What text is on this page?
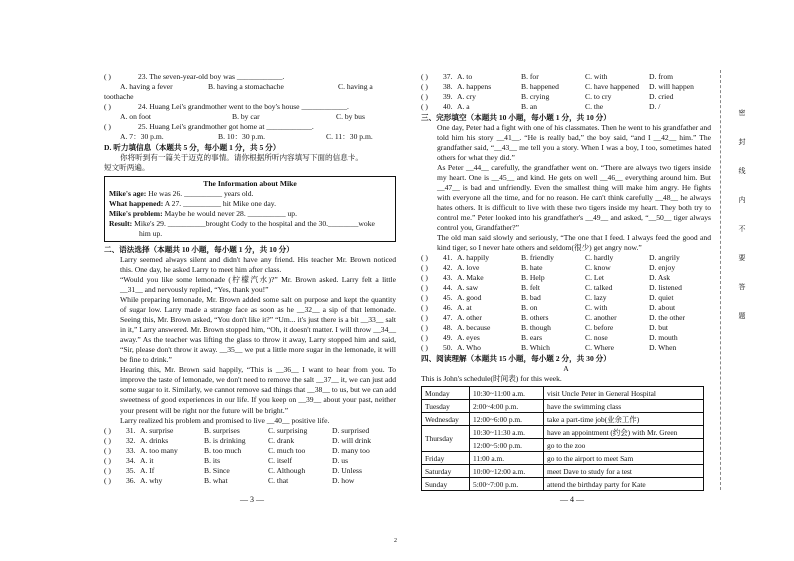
( )	23. The seven-year-old boy was ____________.
A. having a fever	B. having a stomachache	C. having a
toothache
( )	24. Huang Lei's grandmother went to the boy's house ____________.
A. on foot	B. by car	C. by bus
( )	25. Huang Lei's grandmother got home at ____________.
A. 7：30 p.m.	B. 10：30 p.m.	C. 11：30 p.m.
D. 听力填信息（本题共 5 分，每小题 1 分，共 5 分）
你将听到有一篇关于迈克的事情。请你根据所听内容填写下面的信息卡。
短文听两遍。
The Information about Mike
Mike's age: He was 26. __________ years old.
What happened: A 27. __________ hit Mike one day.
Mike's problem: Maybe he would never 28. __________ up.
Result: Mike's 29. __________brought Cody to the hospital and the 30.________woke
him up.
二、语法选择（本题共 10 小题，每小题 1 分，共 10 分）
Larry seemed always silent and didn't have any friend. His teacher Mr. Brown noticed this. One day, he asked Larry to meet him after class.
“Would you like some lemonade (柠檬汽水)?” Mr. Brown asked. Larry felt a little __31__ and nervously replied, “Yes, thank you!”
While preparing lemonade, Mr. Brown added some salt on purpose and kept the quantity of sugar low. Larry made a strange face as soon as he __32__ a sip of that lemonade. Seeing this, Mr. Brown asked, “You don't like it?” “Um... it's just there is a bit __33__ salt in it,” Larry answered. Mr. Brown stopped him, “Oh, it doesn't matter. I will throw __34__ away.” As the teacher was lifting the glass to throw it away, Larry stopped him and said, “Sir, please don't throw it away. __35__ we put a little more sugar in the lemonade, it will be fine to drink.”
Hearing this, Mr. Brown said happily, “This is __36__ I want to hear from you. To improve the taste of lemonade, we don't need to remove the salt __37__ it, we can just add some sugar to it. Similarly, we cannot remove sad things that __38__ to us, but we can add sweetness of good experiences in our life. If you keep on __39__ about your past, neither your present will be right nor the future will be bright.”
Larry realized his problem and promised to live __40__ positive life.
( )	31. A. surprise	B. surprises	C. surprising	D. surprised
( )	32. A. drinks	B. is drinking	C. drank	D. will drink
( )	33. A. too many	B. too much	C. much too	D. many too
( )	34. A. it	B. its	C. itself	D. us
( )	35. A. If	B. Since	C. Although	D. Unless
( )	36. A. why	B. what	C. that	D. how
— 3 —
( )	37. A. to	B. for	C. with	D. from
( )	38. A. happens	B. happened	C. have happened	D. will happen
( )	39. A. cry	B. crying	C. to cry	D. cried
( )	40. A. a	B. an	C. the	D. /
三、完形填空（本题共 10 小题，每小题 1 分，共 10 分）
One day, Peter had a fight with one of his classmates. Then he went to his grandfather and told him his story __41__. “He is really bad,” the boy said, “and I __42__ him.” The grandfather said, “__43__ me tell you a story. When I was a boy, I too, sometimes hated others for what they did.”
As Peter __44__ carefully, the grandfather went on. “There are always two tigers inside my heart. One is __45__ and kind. He gets on well __46__ everything around him. But __47__ is bad and unfriendly. Even the smallest thing will make him angry. He fights with everyone all the time, and for no reason. He can't think carefully __48__ he always hates others. It is difficult to live with these two tigers inside my heart. They both try to control me.” Peter looked into his grandfather's __49__ and asked, “__50__ tiger always control you, Grandfather?”
The old man said slowly and seriously, “The one that I feed. I always feed the good and kind tiger, so I never hate others and seldom(很少) get angry now.”
( )	41. A. happily	B. friendly	C. hardly	D. angrily
( )	42. A. love	B. hate	C. know	D. enjoy
( )	43. A. Make	B. Help	C. Let	D. Ask
( )	44. A. saw	B. felt	C. talked	D. listened
( )	45. A. good	B. bad	C. lazy	D. quiet
( )	46. A. at	B. on	C. with	D. about
( )	47. A. other	B. others	C. another	D. the other
( )	48. A. because	B. though	C. before	D. but
( )	49. A. eyes	B. ears	C. nose	D. mouth
( )	50. A. Who	B. Which	C. Where	D. When
四、阅读理解（本题共 15 小题，每小题 2 分，共 30 分）
A
This is John's schedule(时间表) for this week.
Monday	10:30~11:00 a.m.	visit Uncle Peter in General Hospital
Tuesday	2:00~4:00 p.m.	have the swimming class
Wednesday	12:00~6:00 p.m.	take a part-time job(业余工作)
Thursday	10:30~11:30 a.m.	have an appointment (约会) with Mr. Green
	12:00~5:00 p.m.	go to the zoo
Friday	11:00 a.m.	go to the airport to meet Sam
Saturday	10:00~12:00 a.m.	meet Dave to study for a test
Sunday	5:00~7:00 p.m.	attend the birthday party for Kate
— 4 —
密
封
线
内
不
要
答
题
2
